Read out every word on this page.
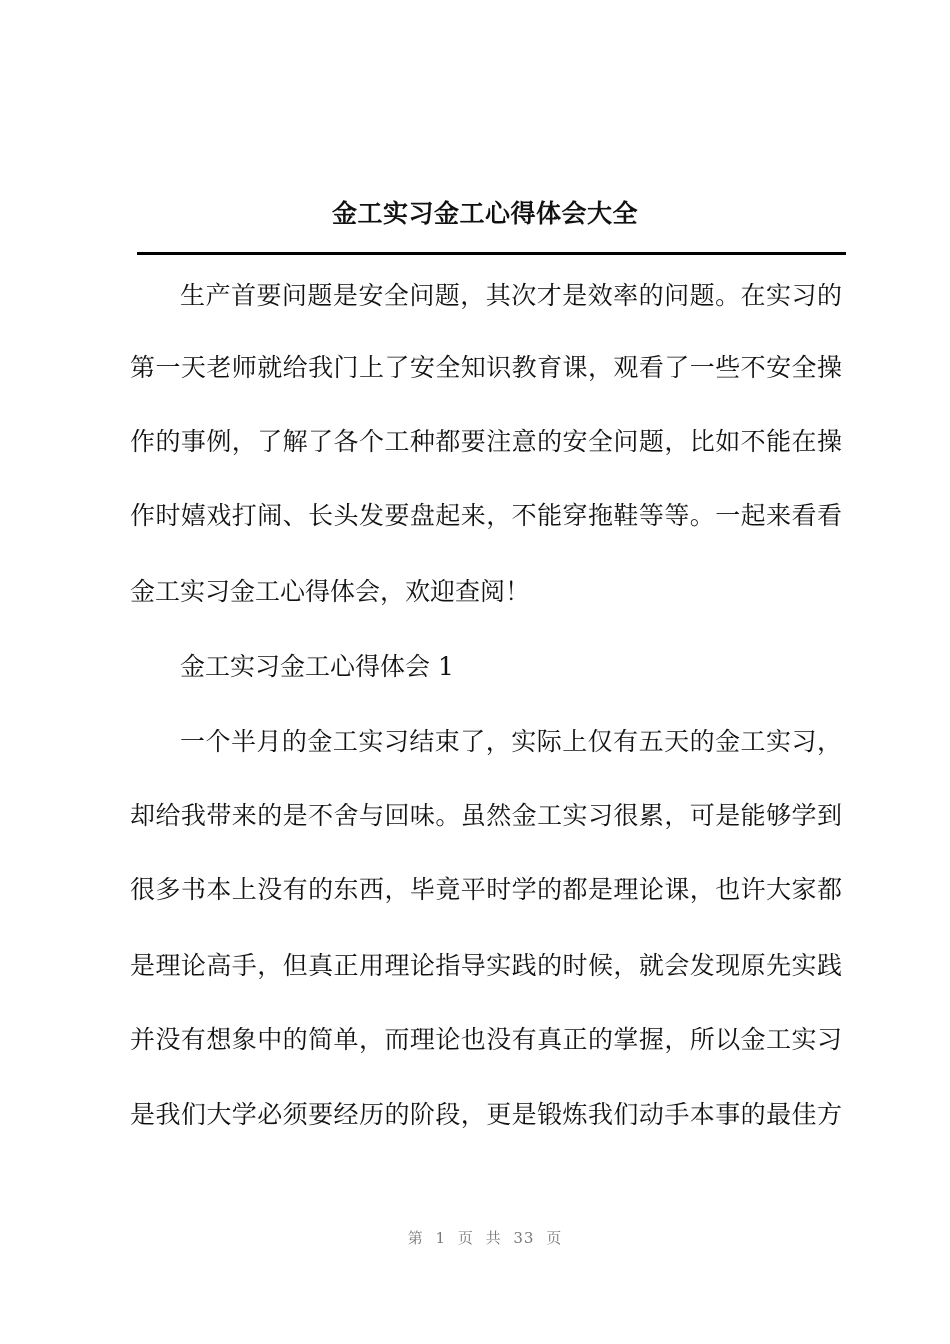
金工实习金工心得体会大全
生产首要问题是安全问题，其次才是效率的问题。在实习的
第一天老师就给我门上了安全知识教育课，观看了一些不安全操
作的事例，了解了各个工种都要注意的安全问题，比如不能在操
作时嬉戏打闹、长头发要盘起来，不能穿拖鞋等等。一起来看看
金工实习金工心得体会，欢迎查阅！
金工实习金工心得体会 1
一个半月的金工实习结束了，实际上仅有五天的金工实习，
却给我带来的是不舍与回味。虽然金工实习很累，可是能够学到
很多书本上没有的东西，毕竟平时学的都是理论课，也许大家都
是理论高手，但真正用理论指导实践的时候，就会发现原先实践
并没有想象中的简单，而理论也没有真正的掌握，所以金工实习
是我们大学必须要经历的阶段，更是锻炼我们动手本事的最佳方
第 1 页 共 33 页
